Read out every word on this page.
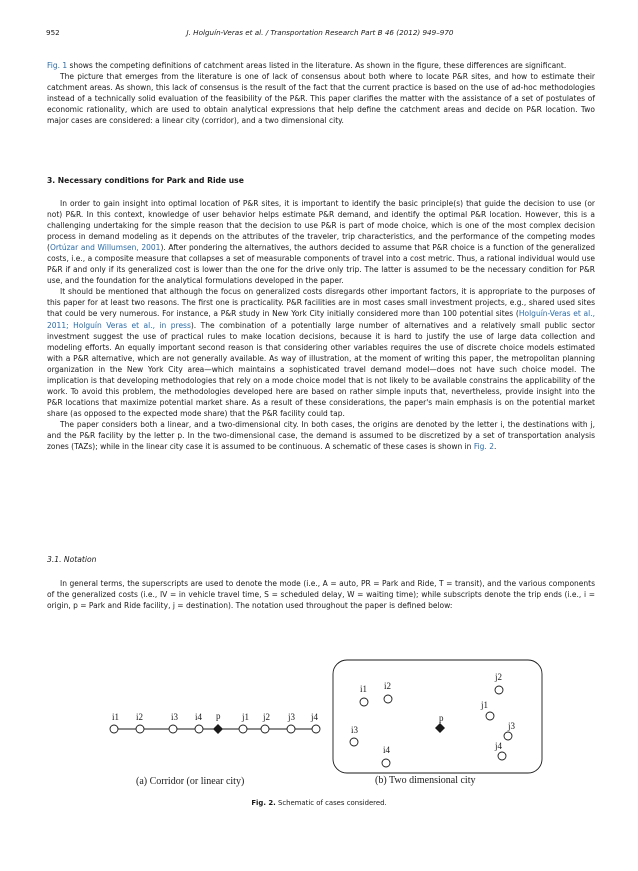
952	J. Holguín-Veras et al. / Transportation Research Part B 46 (2012) 949–970

Fig. 1 shows the competing definitions of catchment areas listed in the literature. As shown in the figure, these differences are significant.

The picture that emerges from the literature is one of lack of consensus about both where to locate P&R sites, and how to estimate their catchment areas. As shown, this lack of consensus is the result of the fact that the current practice is based on the use of ad-hoc methodologies instead of a technically solid evaluation of the feasibility of the P&R. This paper clarifies the matter with the assistance of a set of postulates of economic rationality, which are used to obtain analytical expressions that help define the catchment areas and decide on P&R location. Two major cases are considered: a linear city (corridor), and a two dimensional city.

3. Necessary conditions for Park and Ride use

In order to gain insight into optimal location of P&R sites, it is important to identify the basic principle(s) that guide the decision to use (or not) P&R. In this context, knowledge of user behavior helps estimate P&R demand, and identify the optimal P&R location. However, this is a challenging undertaking for the simple reason that the decision to use P&R is part of mode choice, which is one of the most complex decision process in demand modeling as it depends on the attributes of the traveler, trip characteristics, and the performance of the competing modes (Ortúzar and Willumsen, 2001). After pondering the alternatives, the authors decided to assume that P&R choice is a function of the generalized costs, i.e., a composite measure that collapses a set of measurable components of travel into a cost metric. Thus, a rational individual would use P&R if and only if its generalized cost is lower than the one for the drive only trip. The latter is assumed to be the necessary condition for P&R use, and the foundation for the analytical formulations developed in the paper.

It should be mentioned that although the focus on generalized costs disregards other important factors, it is appropriate to the purposes of this paper for at least two reasons. The first one is practicality. P&R facilities are in most cases small investment projects, e.g., shared used sites that could be very numerous. For instance, a P&R study in New York City initially considered more than 100 potential sites (Holguín-Veras et al., 2011; Holguín Veras et al., in press). The combination of a potentially large number of alternatives and a relatively small public sector investment suggest the use of practical rules to make location decisions, because it is hard to justify the use of large data collection and modeling efforts. An equally important second reason is that considering other variables requires the use of discrete choice models estimated with a P&R alternative, which are not generally available. As way of illustration, at the moment of writing this paper, the metropolitan planning organization in the New York City area—which maintains a sophisticated travel demand model—does not have such choice model. The implication is that developing methodologies that rely on a mode choice model that is not likely to be available constrains the applicability of the work. To avoid this problem, the methodologies developed here are based on rather simple inputs that, nevertheless, provide insight into the P&R locations that maximize potential market share. As a result of these considerations, the paper's main emphasis is on the potential market share (as opposed to the expected mode share) that the P&R facility could tap.

The paper considers both a linear, and a two-dimensional city. In both cases, the origins are denoted by the letter i, the destinations with j, and the P&R facility by the letter p. In the two-dimensional case, the demand is assumed to be discretized by a set of transportation analysis zones (TAZs); while in the linear city case it is assumed to be continuous. A schematic of these cases is shown in Fig. 2.

3.1. Notation

In general terms, the superscripts are used to denote the mode (i.e., A = auto, PR = Park and Ride, T = transit), and the various components of the generalized costs (i.e., IV = in vehicle travel time, S = scheduled delay, W = waiting time); while subscripts denote the trip ends (i.e., i = origin, p = Park and Ride facility, j = destination). The notation used throughout the paper is defined below:

i1 i2	i3 i4 p j1 j2 j3 j4
i1 i2
i3
i4
p
j1
j2
j3
j4
(a) Corridor (or linear city)	(b) Two dimensional city
Fig. 2. Schematic of cases considered.
